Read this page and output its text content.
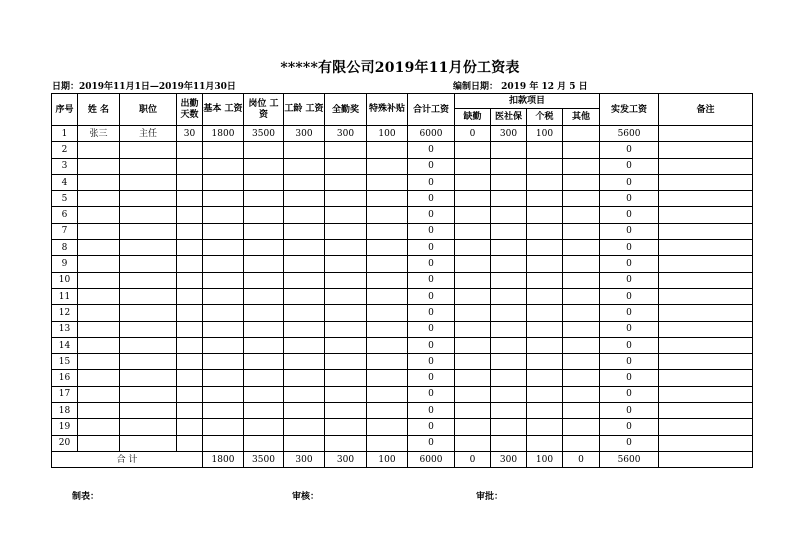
*****有限公司2019年11月份工资表
日期：2019年11月1日—2019年11月30日	编制日期： 2019 年 12 月 5 日
序号	姓 名	职位	出勤天数	基本 工资	岗位 工资	工龄 工资	全勤奖	特殊补贴	合计工资	扣款项目				实发工资	备注
										缺勤	医社保	个税	其他		
1	张三	主任	30	1800	3500	300	300	100	6000	0	300	100		5600	
2									0					0	
3									0					0	
4									0					0	
5									0					0	
6									0					0	
7									0					0	
8									0					0	
9									0					0	
10									0					0	
11									0					0	
12									0					0	
13									0					0	
14									0					0	
15									0					0	
16									0					0	
17									0					0	
18									0					0	
19									0					0	
20									0					0	
合 计				1800	3500	300	300	100	6000	0	300	100	0	5600	
制表：	审核：	审批：
